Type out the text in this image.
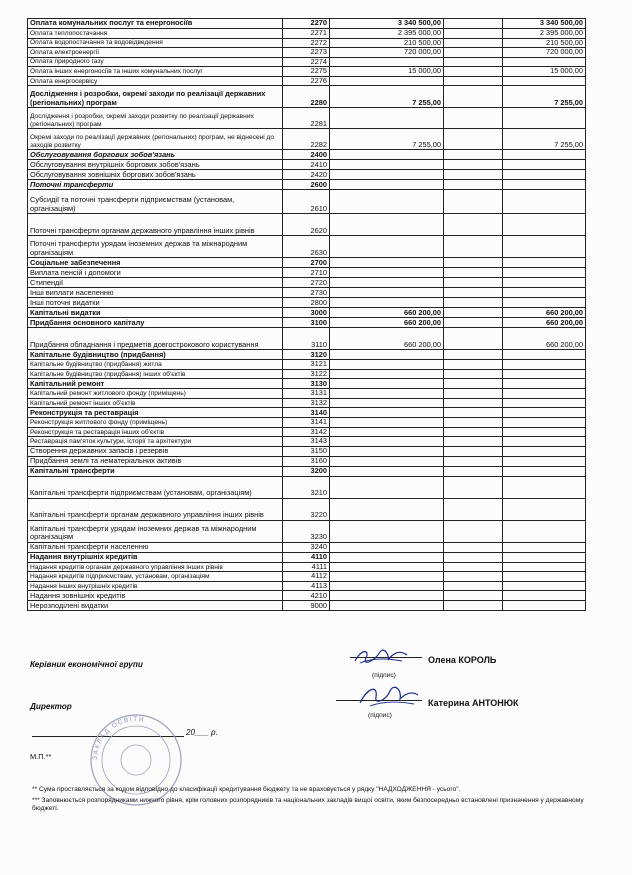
Оплата комунальних послуг та енергоносіїв	2270	3 340 500,00		3 340 500,00
Оплата теплопостачання	2271	2 395 000,00		2 395 000,00
Оплата водопостачання та водовідведення	2272	210 500,00		210 500,00
Оплата електроенергії	2273	720 000,00		720 000,00
Оплата природного газу	2274			
Оплата інших енергоносіїв та інших комунальних послуг	2275	15 000,00		15 000,00
Оплата енергосервісу	2276			
Дослідження і розробки, окремі заходи по реалізації державних (регіональних) програм	2280	7 255,00		7 255,00
Дослідження і розробки, окремі заходи розвитку по реалізації державних (регіональних) програм	2281			
Окремі заходи по реалізації державних (регіональних) програм, не віднесені до заходів розвитку	2282	7 255,00		7 255,00
Обслуговування боргових зобов'язань	2400			
Обслуговування внутрішніх боргових зобов'язань	2410			
Обслуговування зовнішніх боргових зобов'язань	2420			
Поточні трансферти	2600			
Субсидії та поточні трансферти підприємствам (установам, організаціям)	2610			
Поточні трансферти органам державного управління інших рівнів	2620			
Поточні трансферти урядам іноземних держав та міжнародним організаціям	2630			
Соціальне забезпечення	2700			
Виплата пенсій і допомоги	2710			
Стипендії	2720			
Інші виплати населенню	2730			
Інші поточні видатки	2800			
Капітальні видатки	3000	660 200,00		660 200,00
Придбання основного капіталу	3100	660 200,00		660 200,00
Придбання обладнання і предметів довгострокового користування	3110	660 200,00		660 200,00
Капітальне будівництво (придбання)	3120			
Капітальне будівництво (придбання) житла	3121			
Капітальне будівництво (придбання) інших об'єктів	3122			
Капітальний ремонт	3130			
Капітальний ремонт житлового фонду (приміщень)	3131			
Капітальний ремонт інших об'єктів	3132			
Реконструкція та реставрація	3140			
Реконструкція житлового фонду (приміщень)	3141			
Реконструкція та реставрація інших об'єктів	3142			
Реставрація пам'яток культури, історії та архітектури	3143			
Створення державних запасів і резервів	3150			
Придбання землі та нематеріальних активів	3160			
Капітальні трансферти	3200			
Капітальні трансферти підприємствам (установам, організаціям)	3210			
Капітальні трансферти органам державного управління інших рівнів	3220			
Капітальні трансферти урядам іноземних держав та міжнародним організаціям	3230			
Капітальні трансферти населенню	3240			
Надання внутрішніх кредитів	4110			
Надання кредитів органам державного управління інших рівнів	4111			
Надання кредитів підприємствам, установам, організаціям	4112			
Надання інших внутрішніх кредитів	4113			
Надання зовнішніх кредитів	4210			
Нерозподілені видатки	9000			
Керівник економічної групи	Олена КОРОЛЬ
(підпис)
Директор	Катерина АНТОНЮК
(підпис)
20___ р.
М.П.**	ЗАКЛАД ОСВІТИ
** Сума проставляється за кодом відповідно до класифікації кредитування бюджету та не враховується у рядку "НАДХОДЖЕННЯ - усього".
*** Заповнюється розпорядниками нижчого рівня, крім головних розпорядників та національних закладів вищої освіти, яким безпосередньо встановлені призначення у державному бюджеті.
